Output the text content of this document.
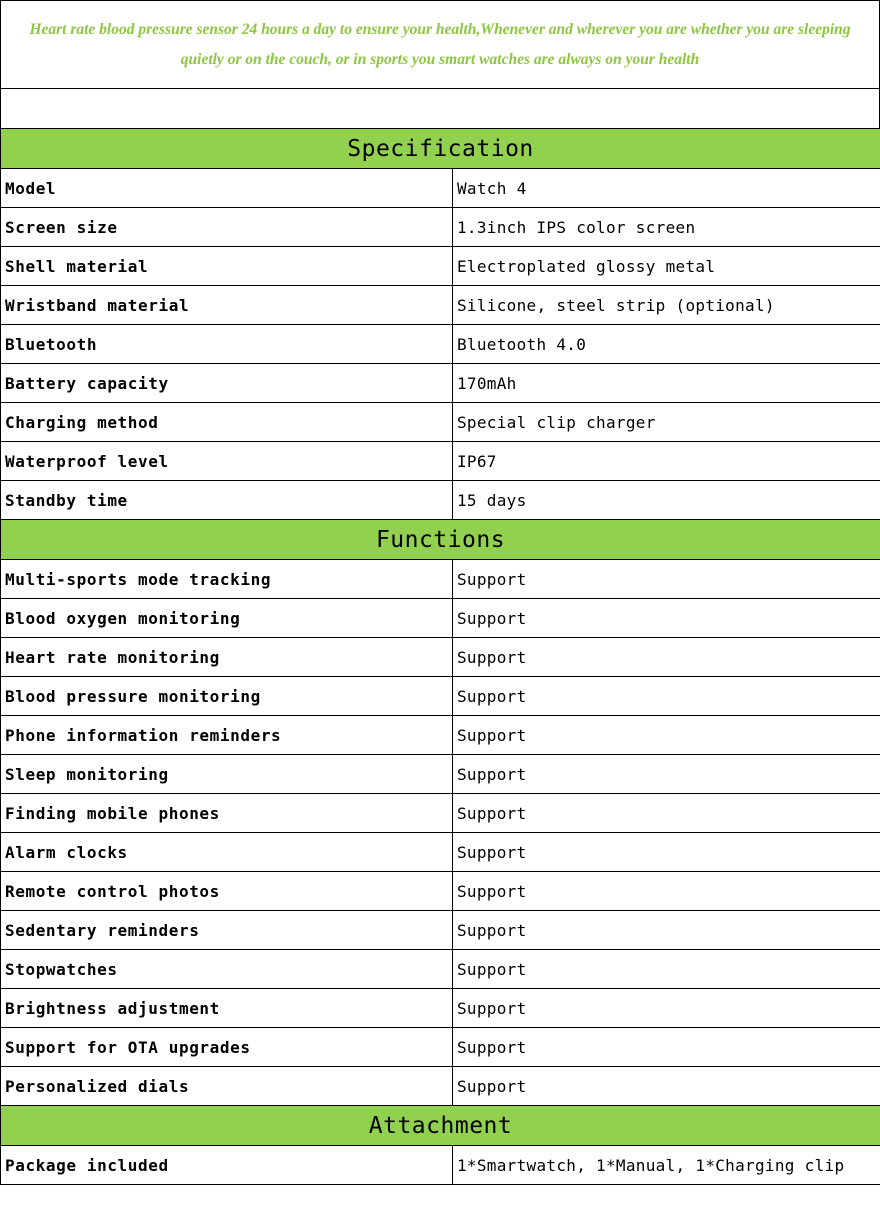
Heart rate blood pressure sensor 24 hours a day to ensure your health,Whenever and wherever you are whether you are sleeping quietly or on the couch, or in sports you smart watches are always on your health

Specification	
Model	Watch 4
Screen size	1.3inch IPS color screen
Shell material	Electroplated glossy metal
Wristband material	Silicone, steel strip (optional)
Bluetooth	Bluetooth 4.0
Battery capacity	170mAh
Charging method	Special clip charger
Waterproof level	IP67
Standby time	15 days
Functions	
Multi-sports mode tracking	Support
Blood oxygen monitoring	Support
Heart rate monitoring	Support
Blood pressure monitoring	Support
Phone information reminders	Support
Sleep monitoring	Support
Finding mobile phones	Support
Alarm clocks	Support
Remote control photos	Support
Sedentary reminders	Support
Stopwatches	Support
Brightness adjustment	Support
Support for OTA upgrades	Support
Personalized dials	Support
Attachment	
Package included	1*Smartwatch, 1*Manual, 1*Charging clip
